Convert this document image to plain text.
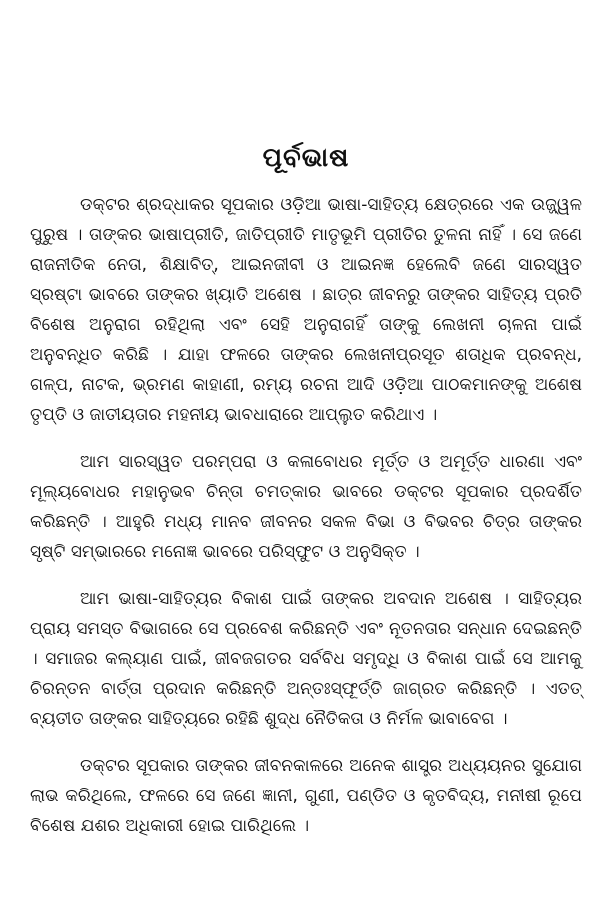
ପୂର୍ବଭାଷ

ଡକ୍ଟର ଶ୍ରଦ୍ଧାକର ସୂପକାର ଓଡ଼ିଆ ଭାଷା-ସାହିତ୍ୟ କ୍ଷେତ୍ରରେ ଏକ ଉଜ୍ଜ୍ୱଳ ପୁରୁଷ । ତାଙ୍କର ଭାଷାପ୍ରୀତି, ଜାତିପ୍ରୀତି ମାତୃଭୂମି ପ୍ରୀତିର ତୁଳନା ନାହିଁ । ସେ ଜଣେ ରାଜନୀତିକ ନେତା, ଶିକ୍ଷାବିତ୍‌, ଆଇନଜୀବୀ ଓ ଆଇନଜ୍ଞ ହେଲେବି ଜଣେ ସାରସ୍ୱତ ସ୍ରଷ୍ଟା ଭାବରେ ତାଙ୍କର ଖ୍ୟାତି ଅଶେଷ । ଛାତ୍ର ଜୀବନରୁ ତାଙ୍କର ସାହିତ୍ୟ ପ୍ରତି ବିଶେଷ ଅନୁରାଗ ରହିଥିଲା ଏବଂ ସେହି ଅନୁରାଗହିଁ ତାଙ୍କୁ ଲେଖନୀ ଚାଳନା ପାଇଁ ଅନୁବନ୍ଧିତ କରିଛି । ଯାହା ଫଳରେ ତାଙ୍କର ଲେଖନୀପ୍ରସୂତ ଶତାଧିକ ପ୍ରବନ୍ଧ, ଗଳ୍ପ, ନାଟକ, ଭ୍ରମଣ କାହାଣୀ, ରମ୍ୟ ରଚନା ଆଦି ଓଡ଼ିଆ ପାଠକମାନଙ୍କୁ ଅଶେଷ ତୃପ୍ତି ଓ ଜାତୀୟତାର ମହନୀୟ ଭାବଧାରାରେ ଆପ୍ଲୁତ କରିଥାଏ ।

ଆମ ସାରସ୍ୱତ ପରମ୍ପରା ଓ କଳାବୋଧର ମୂର୍ତ୍ତ ଓ ଅମୂର୍ତ୍ତ ଧାରଣା ଏବଂ ମୂଲ୍ୟବୋଧର ମହାନୁଭବ ଚିନ୍ତା ଚମତ୍କାର ଭାବରେ ଡକ୍ଟର ସୂପକାର ପ୍ରଦର୍ଶିତ କରିଛନ୍ତି । ଆହୁରି ମଧ୍ୟ ମାନବ ଜୀବନର ସକଳ ବିଭା ଓ ବିଭବର ଚିତ୍ର ତାଙ୍କର ସୃଷ୍ଟି ସମ୍ଭାରରେ ମନୋଜ୍ଞ ଭାବରେ ପରିସ୍ଫୁଟ ଓ ଅନୁସିକ୍ତ ।

ଆମ ଭାଷା-ସାହିତ୍ୟର ବିକାଶ ପାଇଁ ତାଙ୍କର ଅବଦାନ ଅଶେଷ । ସାହିତ୍ୟର ପ୍ରାୟ ସମସ୍ତ ବିଭାଗରେ ସେ ପ୍ରବେଶ କରିଛନ୍ତି ଏବଂ ନୂତନତାର ସନ୍ଧାନ ଦେଇଛନ୍ତି । ସମାଜର କଲ୍ୟାଣ ପାଇଁ, ଜୀବଜଗତର ସର୍ବବିଧ ସମୃଦ୍ଧି ଓ ବିକାଶ ପାଇଁ ସେ ଆମକୁ ଚିରନ୍ତନ ବାର୍ତ୍ତା ପ୍ରଦାନ କରିଛନ୍ତି ଅନ୍ତଃସ୍ଫୂର୍ତ୍ତି ଜାଗ୍ରତ କରିଛନ୍ତି । ଏତତ୍‌ ବ୍ୟତୀତ ତାଙ୍କର ସାହିତ୍ୟରେ ରହିଛି ଶୁଦ୍ଧ ନୈତିକତା ଓ ନିର୍ମଳ ଭାବାବେଗ ।

ଡକ୍ଟର ସୂପକାର ତାଙ୍କର ଜୀବନକାଳରେ ଅନେକ ଶାସ୍ତ୍ର ଅଧ୍ୟୟନର ସୁଯୋଗ ଲାଭ କରିଥିଲେ, ଫଳରେ ସେ ଜଣେ ଜ୍ଞାନୀ, ଗୁଣୀ, ପଣ୍ଡିତ ଓ କୃତବିଦ୍ୟ, ମନୀଷୀ ରୂପେ ବିଶେଷ ଯଶର ଅଧିକାରୀ ହୋଇ ପାରିଥିଲେ ।
